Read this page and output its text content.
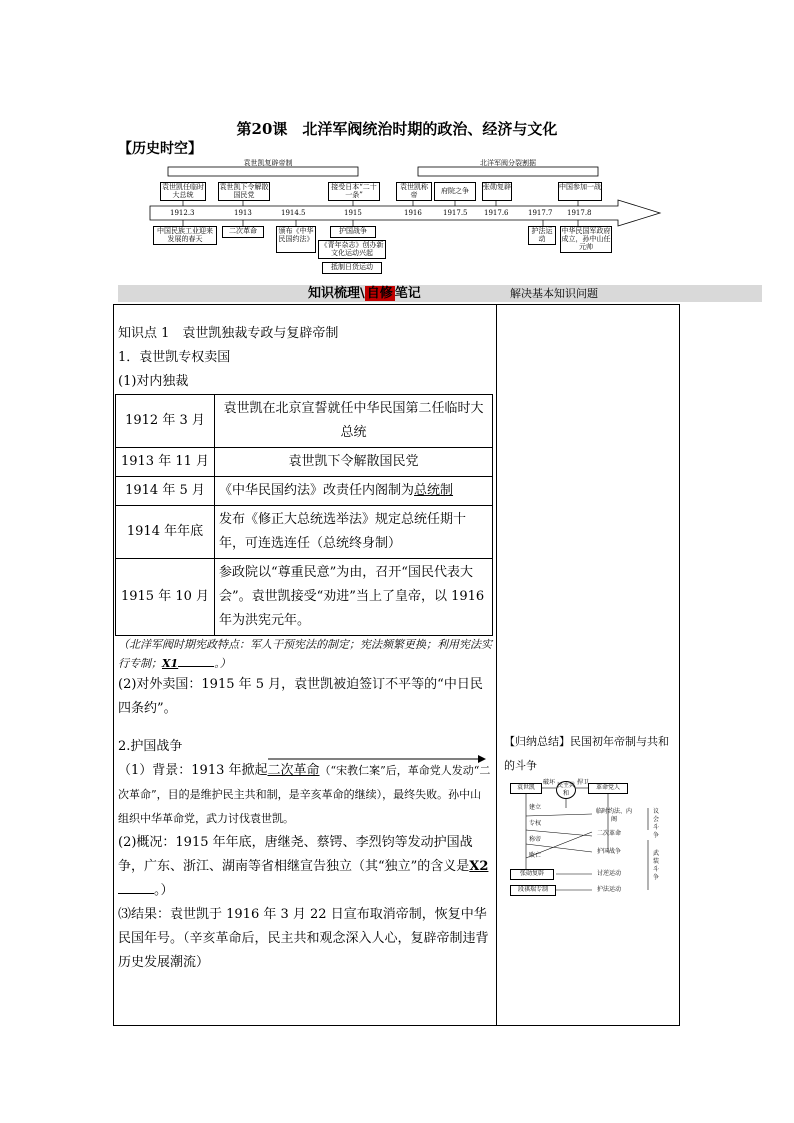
第20课　北洋军阀统治时期的政治、经济与文化
【历史时空】
袁世凯复辟帝制	北洋军阀分裂割据
袁世凯任临时大总统
袁世凯下令解散国民党
接受日本“二十一条”
袁世凯称帝	府院之争	张勋复辟	中国参加一战
1912.3	1913	1914.5	1915	1916	1917.5 1917.6	1917.7 1917.8
中国民族工业迎来发展的春天
二次革命	颁布《中华民国约法》
护国战争
《青年杂志》创办新文化运动兴起
抵制日货运动
护法运动
中华民国军政府成立，孙中山任元帅
知识梳理\ 自修 笔记	解决基本知识问题

知识点 1　袁世凯独裁专政与复辟帝制

1．袁世凯专权卖国

(1)对内独裁

1912 年 3 月	袁世凯在北京宣誓就任中华民国第二任临时大总统
1913 年 11 月	袁世凯下令解散国民党
1914 年 5 月	《中华民国约法》改责任内阁制为总统制
1914 年年底	发布《修正大总统选举法》规定总统任期十年，可连选连任（总统终身制）
1915 年 10 月	参政院以“尊重民意”为由，召开“国民代表大会”。袁世凯接受“劝进”当上了皇帝，以 1916 年为洪宪元年。

（北洋军阀时期宪政特点：军人干预宪法的制定；宪法频繁更换；利用宪法实行专制；X1	。）

(2)对外卖国：1915 年 5 月，袁世凯被迫签订不平等的“中日民四条约”。

2.护国战争

（1）背景：1913 年掀起二次革命（“宋教仁案”后，革命党人发动“二次革命”，目的是维护民主共和制，是辛亥革命的继续），最终失败。孙中山组织中华革命党，武力讨伐袁世凯。

(2)概况：1915 年年底，唐继尧、蔡锷、李烈钧等发动护国战争，广东、浙江、湖南等省相继宣告独立（其“独立”的含义是X2。）

⑶结果：袁世凯于 1916 年 3 月 22 日宣布取消帝制，恢复中华民国年号。（辛亥革命后，民主共和观念深入人心，复辟帝制违背历史发展潮流）

【归纳总结】民国初年帝制与共和的斗争
袁世凯	民主共和
革命党人
张勋复辟
段祺瑞专制
破坏	捍卫
建立
专权
称帝
败亡
临时约法、内阁
二次革命
护国战争
讨逆运动
护法运动
议会斗争
武装斗争
